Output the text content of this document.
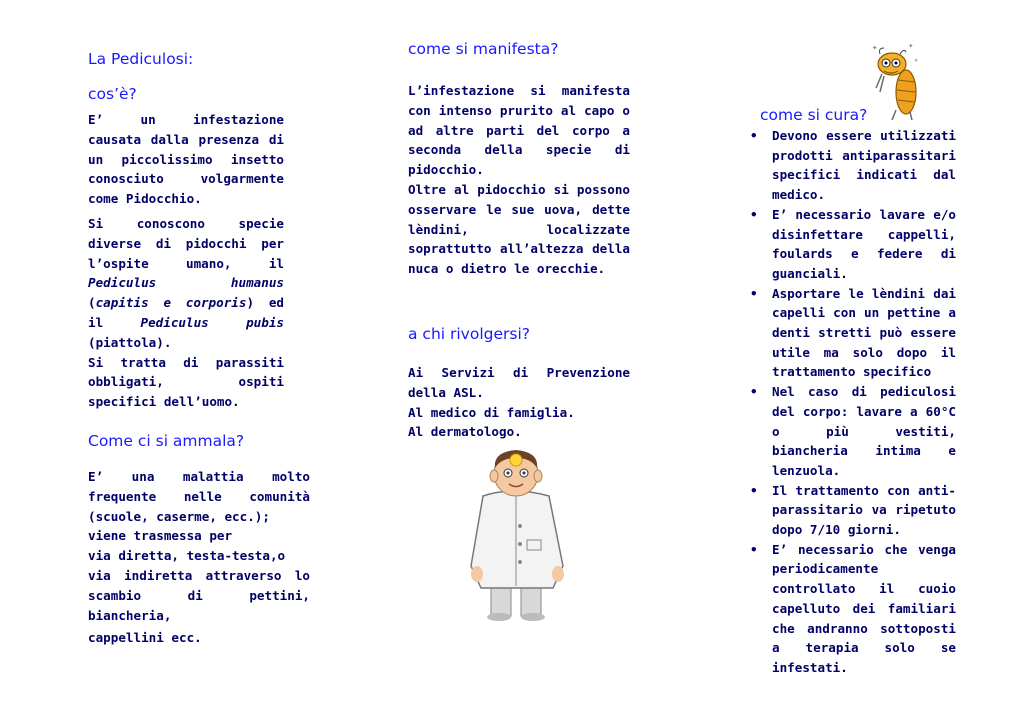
La Pediculosi:
cos’è?

E’ un infestazione causata dalla presenza di un piccolissimo insetto conosciuto volgarmente come Pidocchio.

Si conoscono specie diverse di pidocchi per l’ospite umano, il Pediculus humanus (capitis e corporis) ed il	Pediculus pubis (piattola).
Si tratta di parassiti obbligati, ospiti specifici dell’uomo.

Come ci si ammala?

E’ una malattia molto frequente nelle comunità (scuole, caserme, ecc.);

viene trasmessa per

via diretta, testa-testa,o

via indiretta attraverso lo scambio di pettini, biancheria,

cappellini ecc.

come si manifesta?

L’infestazione si manifesta con intenso prurito al capo o ad altre parti del corpo a seconda della specie di pidocchio.

Oltre al pidocchio si possono osservare le sue uova, dette lèndini, localizzate soprattutto all’altezza della nuca o dietro le orecchie.

a chi rivolgersi?

Ai Servizi di Prevenzione della ASL.

Al medico di famiglia.

Al dermatologo.

✦	✦
✦
come si cura?
• Devono essere utilizzati prodotti antiparassitari specifici indicati dal medico.
• E’ necessario lavare e/o disinfettare cappelli, foulards e federe di guanciali.
• Asportare le lèndini dai capelli con un pettine a denti stretti può essere utile ma solo dopo il trattamento specifico
• Nel caso di pediculosi del corpo: lavare a 60°C o più vestiti, biancheria intima e lenzuola.
• Il trattamento con anti-parassitario va ripetuto dopo 7/10 giorni.
• E’ necessario che venga periodicamente controllato il cuoio capelluto dei familiari che andranno sottoposti a terapia solo se infestati.
